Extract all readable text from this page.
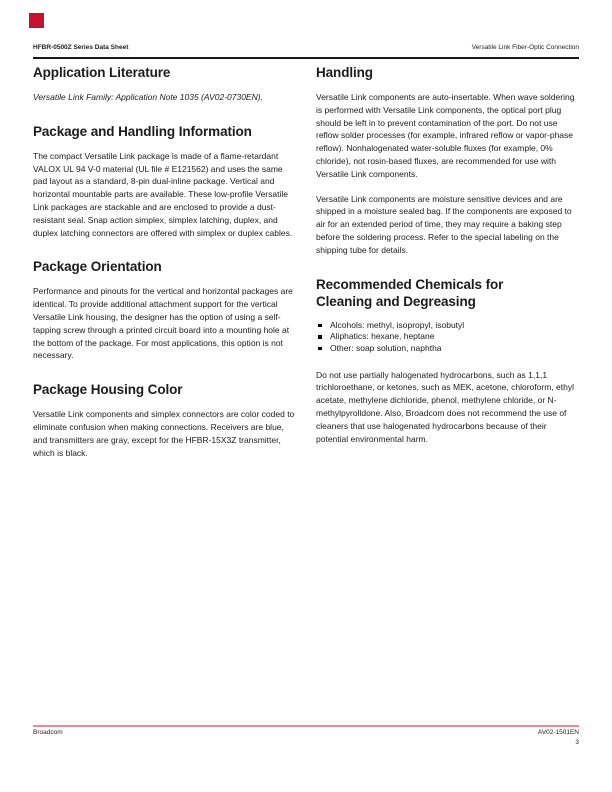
HFBR-0500Z Series Data Sheet	Versatile Link Fiber-Optic Connection
Application Literature

Versatile Link Family: Application Note 1035 (AV02-0730EN).

Package and Handling Information

The compact Versatile Link package is made of a flame-retardant VALOX UL 94 V-0 material (UL file # E121562) and uses the same pad layout as a standard, 8-pin dual-inline package. Vertical and horizontal mountable parts are available. These low-profile Versatile Link packages are stackable and are enclosed to provide a dust-resistant seal. Snap action simplex, simplex latching, duplex, and duplex latching connectors are offered with simplex or duplex cables.

Package Orientation

Performance and pinouts for the vertical and horizontal packages are identical. To provide additional attachment support for the vertical Versatile Link housing, the designer has the option of using a self-tapping screw through a printed circuit board into a mounting hole at the bottom of the package. For most applications, this option is not necessary.

Package Housing Color

Versatile Link components and simplex connectors are color coded to eliminate confusion when making connections. Receivers are blue, and transmitters are gray, except for the HFBR-15X3Z transmitter, which is black.

Handling

Versatile Link components are auto-insertable. When wave soldering is performed with Versatile Link components, the optical port plug should be left in to prevent contamination of the port. Do not use reflow solder processes (for example, infrared reflow or vapor-phase reflow). Nonhalogenated water-soluble fluxes (for example, 0% chloride), not rosin-based fluxes, are recommended for use with Versatile Link components.

Versatile Link components are moisture sensitive devices and are shipped in a moisture sealed bag. If the components are exposed to air for an extended period of time, they may require a baking step before the soldering process. Refer to the special labeling on the shipping tube for details.

Recommended Chemicals for Cleaning and Degreasing
Alcohols: methyl, isopropyl, isobutyl
Aliphatics: hexane, heptane
Other: soap solution, naphtha

Do not use partially halogenated hydrocarbons, such as 1,1,1 trichloroethane, or ketones, such as MEK, acetone, chloroform, ethyl acetate, methylene dichloride, phenol, methylene chloride, or N-methylpyrolldone. Also, Broadcom does not recommend the use of cleaners that use halogenated hydrocarbons because of their potential environmental harm.

Broadcom	AV02-1501EN
3
